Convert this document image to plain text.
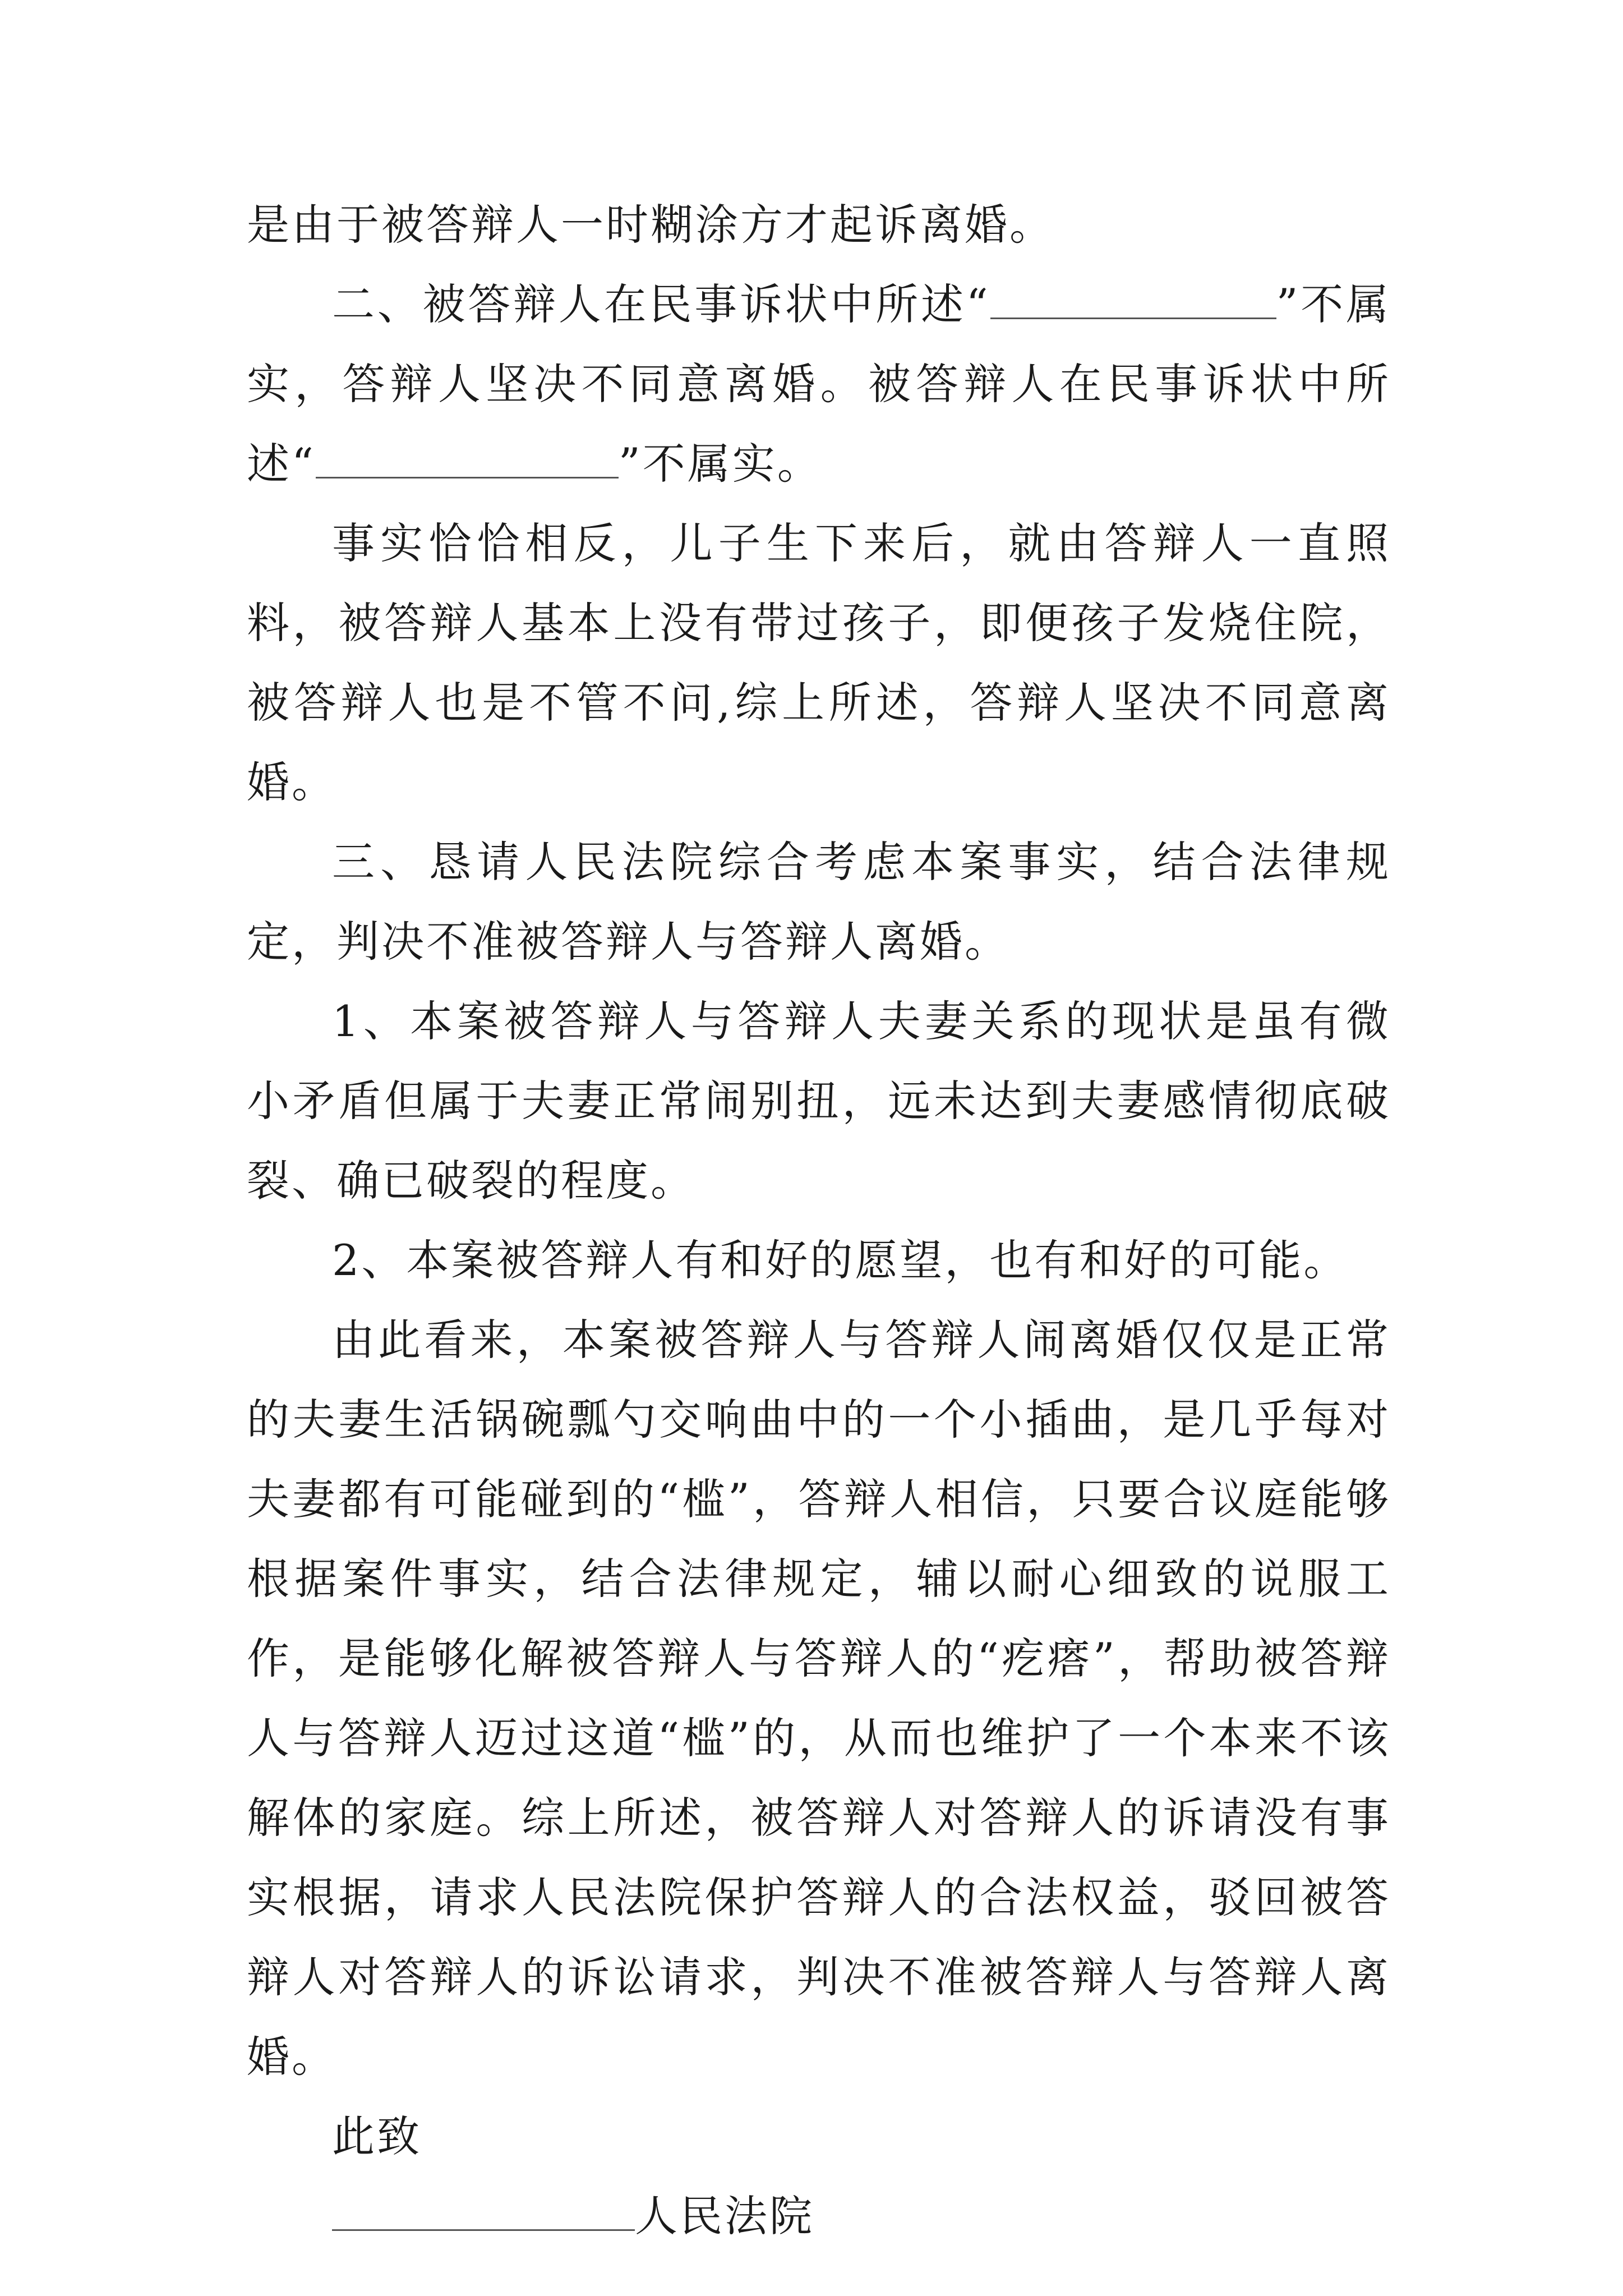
是由于被答辩人一时糊涂方才起诉离婚。

二、被答辩人在民事诉状中所述“	”不属实，答辩人坚决不同意离婚。被答辩人在民事诉状中所述“	”不属实。

事实恰恰相反，儿子生下来后，就由答辩人一直照料，被答辩人基本上没有带过孩子，即便孩子发烧住院，被答辩人也是不管不问,综上所述，答辩人坚决不同意离婚。

三、恳请人民法院综合考虑本案事实，结合法律规定，判决不准被答辩人与答辩人离婚。

1、本案被答辩人与答辩人夫妻关系的现状是虽有微小矛盾但属于夫妻正常闹别扭，远未达到夫妻感情彻底破裂、确已破裂的程度。

2、本案被答辩人有和好的愿望，也有和好的可能。

由此看来，本案被答辩人与答辩人闹离婚仅仅是正常的夫妻生活锅碗瓢勺交响曲中的一个小插曲，是几乎每对夫妻都有可能碰到的“槛”，答辩人相信，只要合议庭能够根据案件事实，结合法律规定，辅以耐心细致的说服工作，是能够化解被答辩人与答辩人的“疙瘩”，帮助被答辩人与答辩人迈过这道“槛”的，从而也维护了一个本来不该解体的家庭。综上所述，被答辩人对答辩人的诉请没有事实根据，请求人民法院保护答辩人的合法权益，驳回被答辩人对答辩人的诉讼请求，判决不准被答辩人与答辩人离婚。

此致

人民法院
